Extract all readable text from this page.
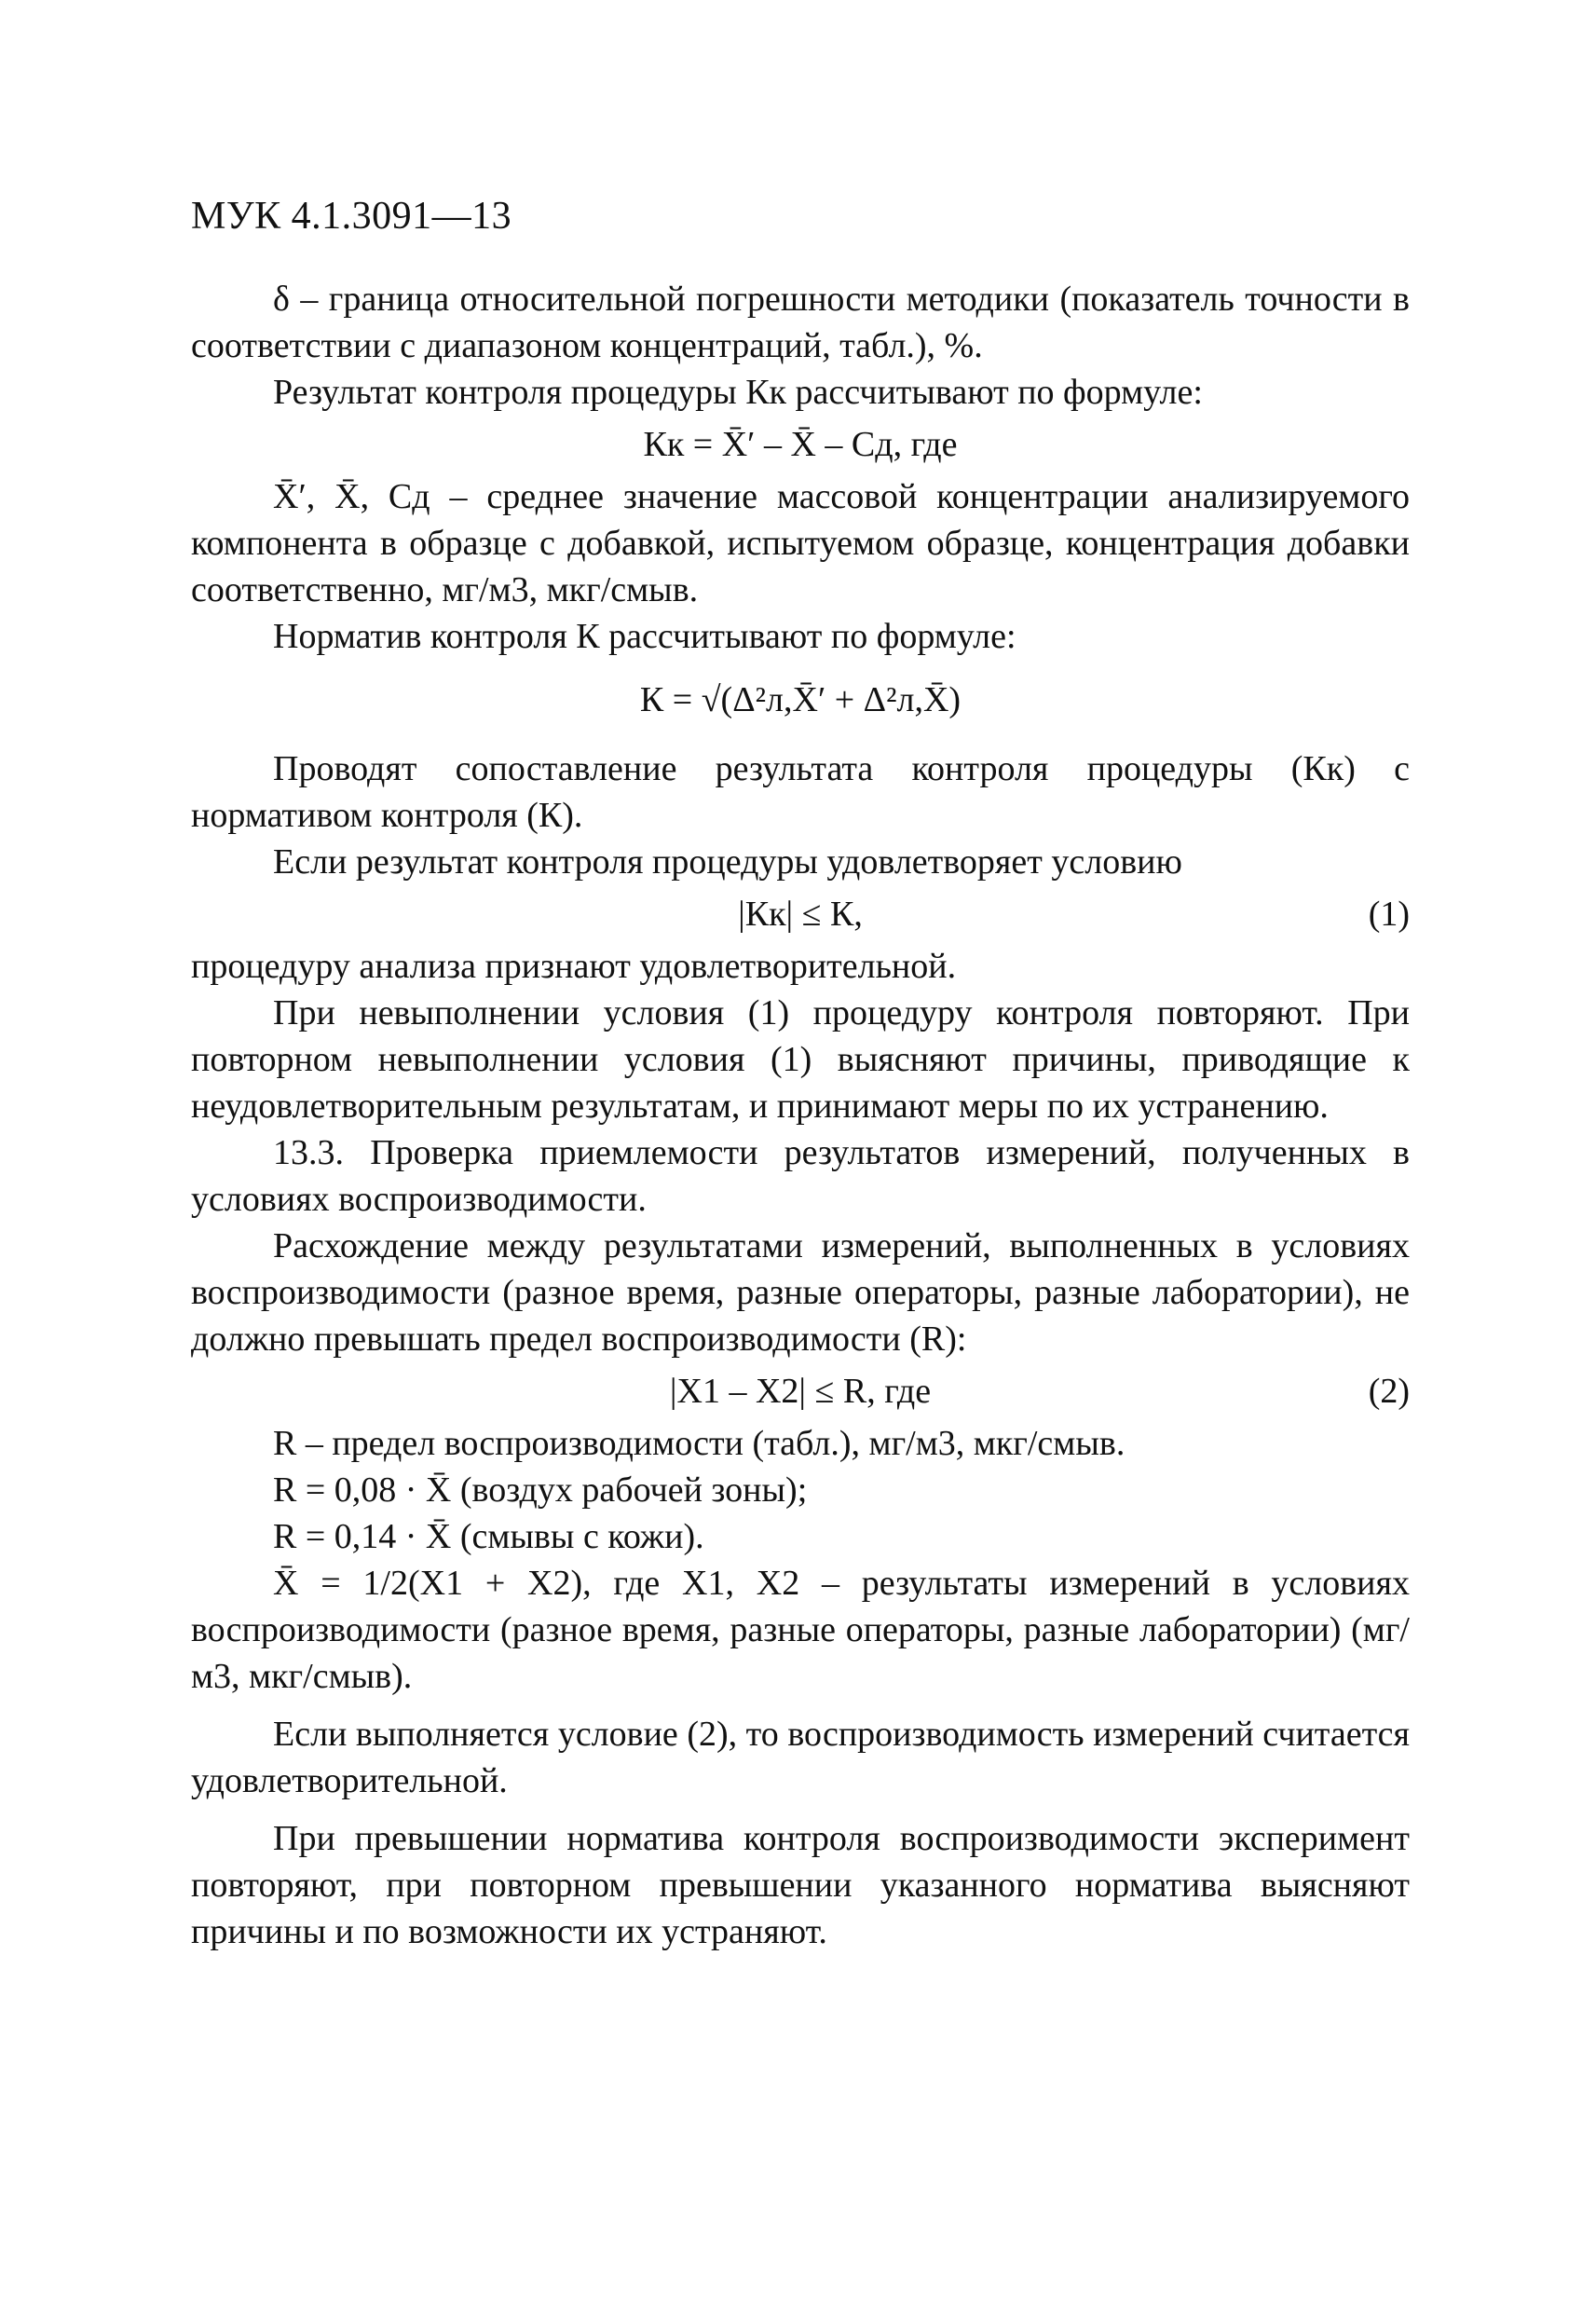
МУК 4.1.3091—13

δ – граница относительной погрешности методики (показатель точности в соответствии с диапазоном концентраций, табл.), %.

Результат контроля процедуры Кк рассчитывают по формуле:

Кк = X̄′ – X̄ – Cд, где

X̄′, X̄, Cд – среднее значение массовой концентрации анализируемого компонента в образце с добавкой, испытуемом образце, концентрация добавки соответственно, мг/м3, мкг/смыв.

Норматив контроля К рассчитывают по формуле:

К = √(Δ²л,X̄′ + Δ²л,X̄)

Проводят сопоставление результата контроля процедуры (Кк) с нормативом контроля (К).

Если результат контроля процедуры удовлетворяет условию

|Кк| ≤ К,	(1)

процедуру анализа признают удовлетворительной.

При невыполнении условия (1) процедуру контроля повторяют. При повторном невыполнении условия (1) выясняют причины, приводящие к неудовлетворительным результатам, и принимают меры по их устранению.

13.3. Проверка приемлемости результатов измерений, полученных в условиях воспроизводимости.

Расхождение между результатами измерений, выполненных в условиях воспроизводимости (разное время, разные операторы, разные лаборатории), не должно превышать предел воспроизводимости (R):

|X1 – X2| ≤ R, где	(2)

R – предел воспроизводимости (табл.), мг/м3, мкг/смыв.

R = 0,08 · X̄ (воздух рабочей зоны);

R = 0,14 · X̄ (смывы с кожи).

X̄ = 1/2(X1 + X2), где X1, X2 – результаты измерений в условиях воспроизводимости (разное время, разные операторы, разные лаборатории) (мг/м3, мкг/смыв).

Если выполняется условие (2), то воспроизводимость измерений считается удовлетворительной.

При превышении норматива контроля воспроизводимости эксперимент повторяют, при повторном превышении указанного норматива выясняют причины и по возможности их устраняют.
